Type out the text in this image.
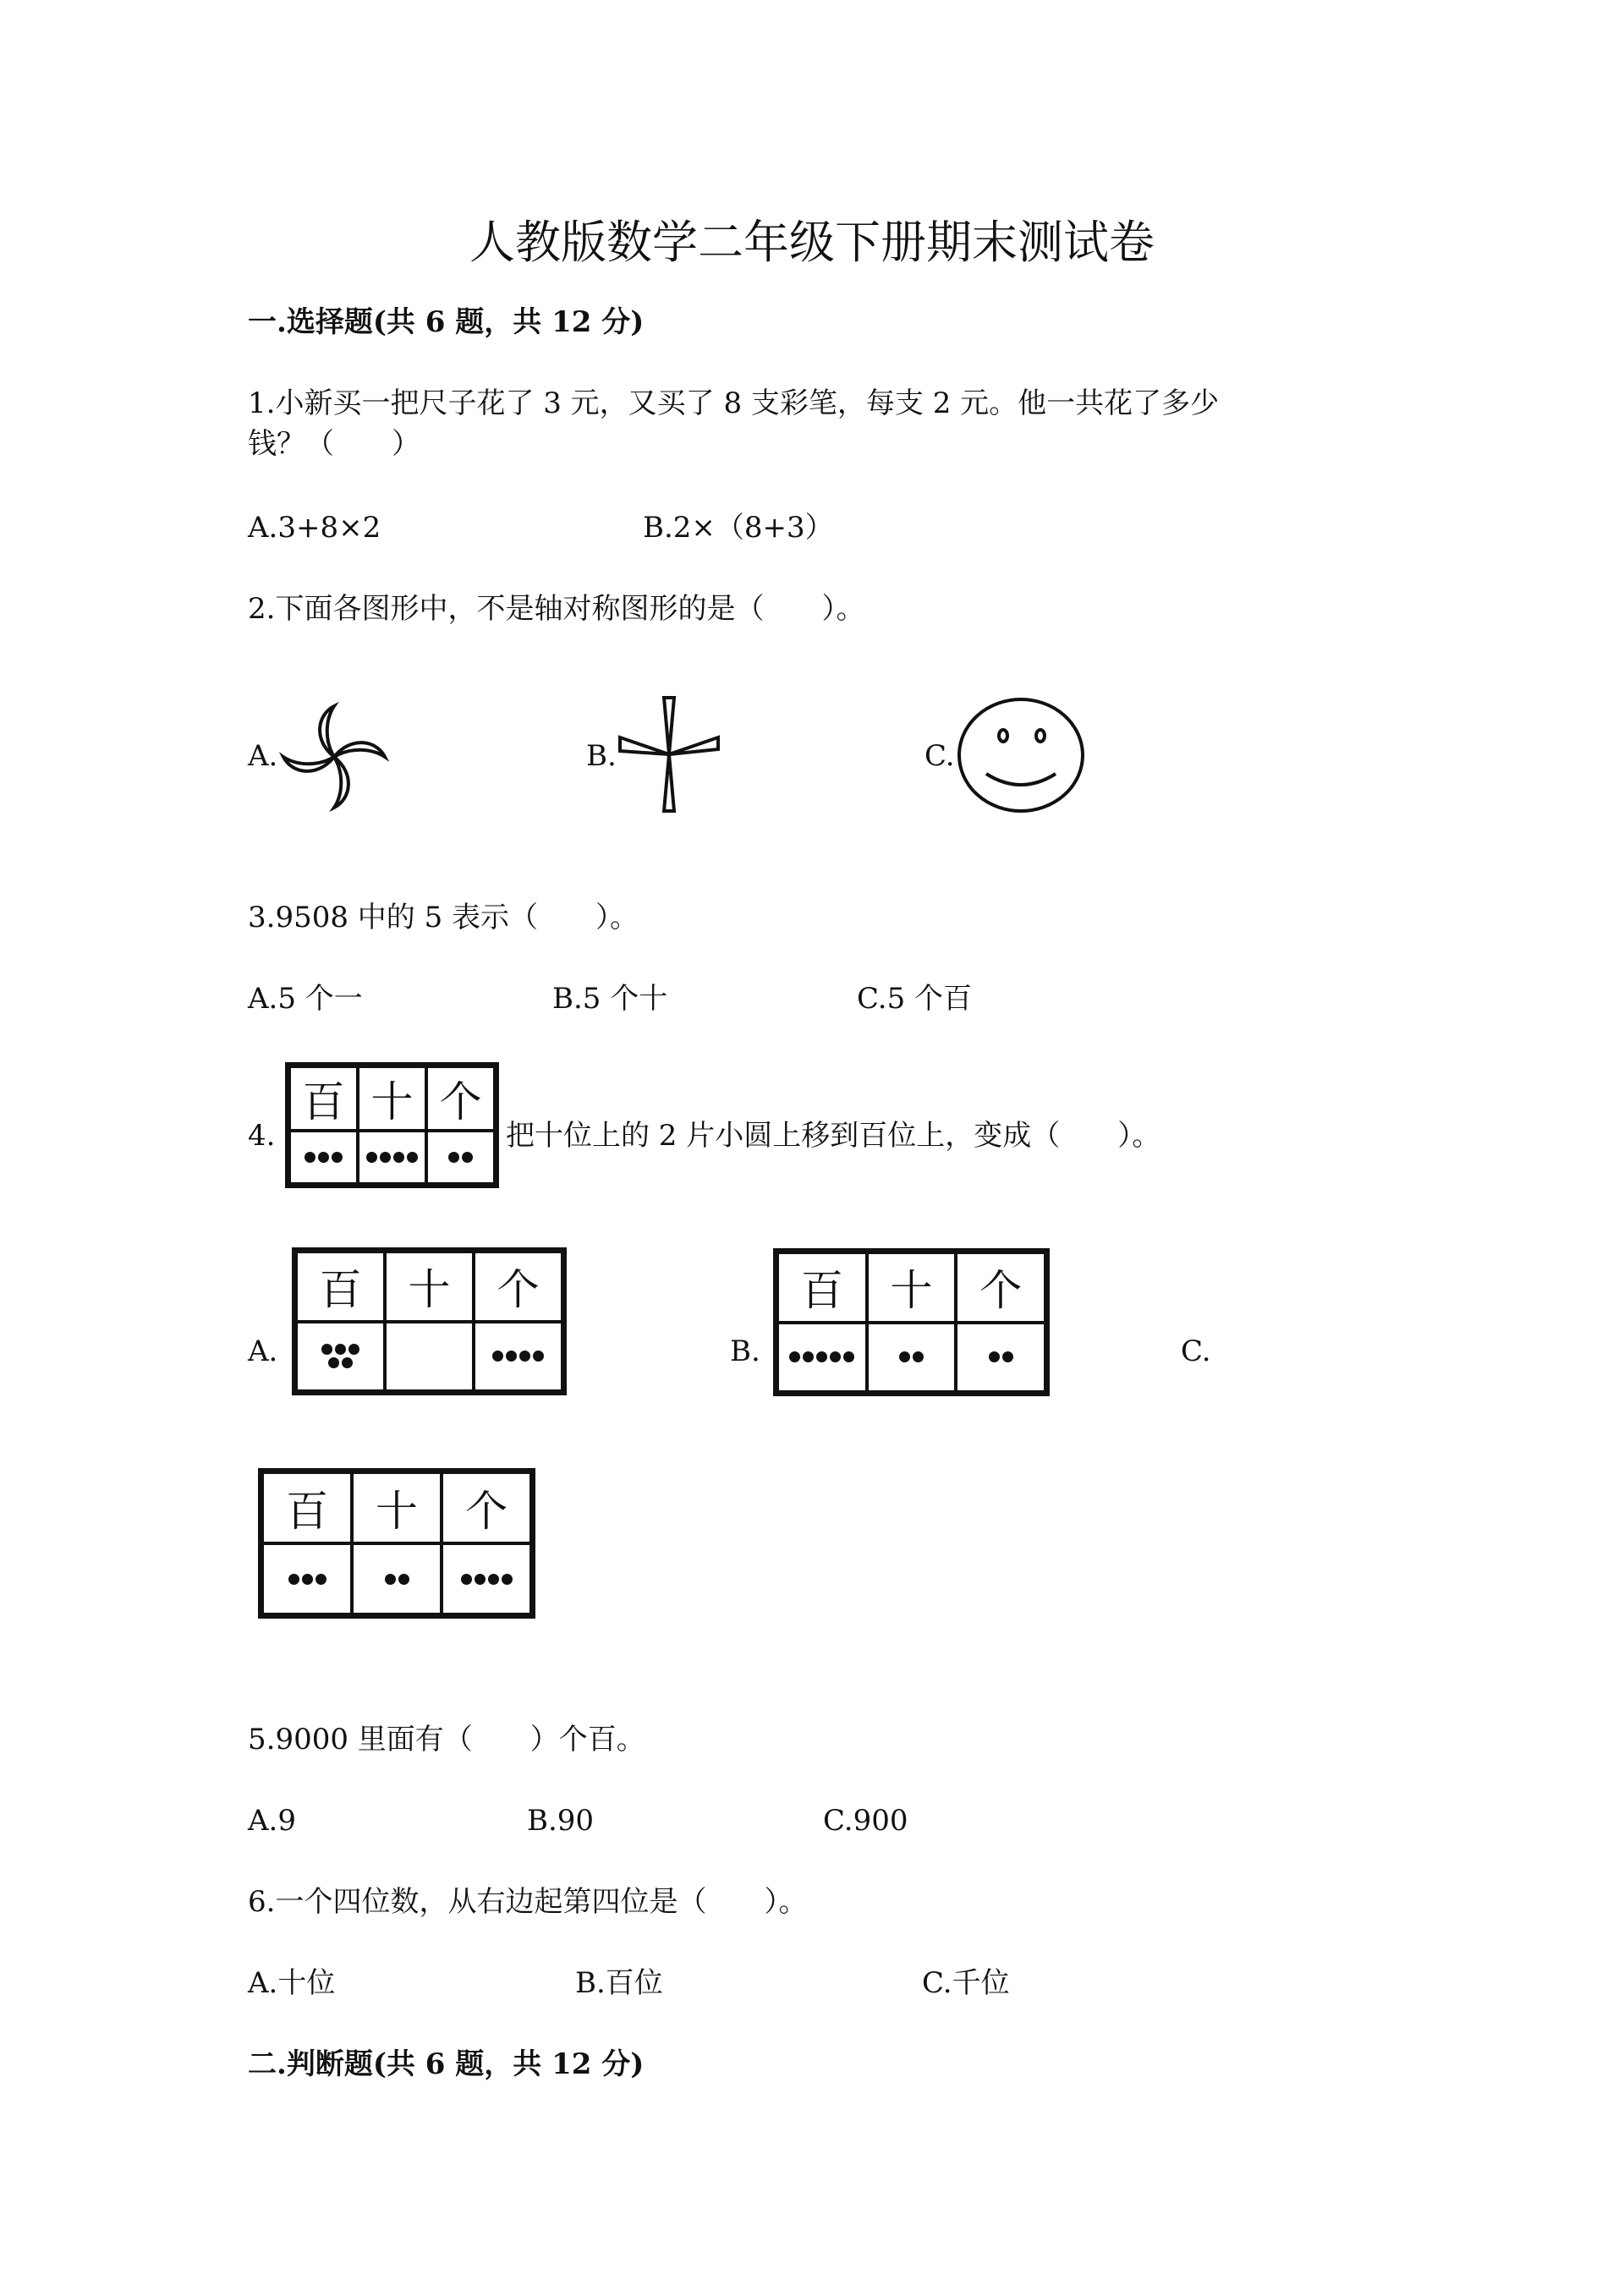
人教版数学二年级下册期末测试卷
一.选择题(共 6 题，共 12 分)
1.小新买一把尺子花了 3 元，又买了 8 支彩笔，每支 2 元。他一共花了多少
钱？（　　）
A.3+8×2	B.2×（8+3）
2.下面各图形中，不是轴对称图形的是（　　）。
A.	B.	C.
3.9508 中的 5 表示（　　）。
A.5 个一	B.5 个十	C.5 个百
4.
百 十 个
把十位上的 2 片小圆上移到百位上，变成（　　）。
A.
百	十	个
B.
百	十	个
C.
百	十	个
5.9000 里面有（　　）个百。
A.9	B.90	C.900
6.一个四位数，从右边起第四位是（　　）。
A.十位	B.百位	C.千位
二.判断题(共 6 题，共 12 分)
